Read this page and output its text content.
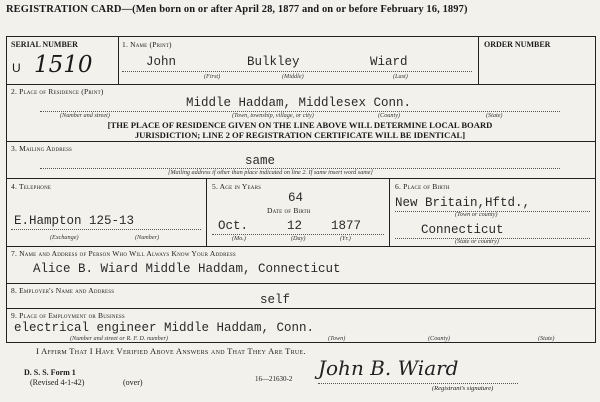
REGISTRATION CARD—(Men born on or after April 28, 1877 and on or before February 16, 1897)
SERIAL NUMBER
U 1510
1. Name (Print)	ORDER NUMBER
John	Bulkley	Wiard
(First)	(Middle)	(Last)
2. Place of Residence (Print)
Middle Haddam, Middlesex Conn.
(Number and street)	(Town, township, village, or city)	(County)	(State)
[THE PLACE OF RESIDENCE GIVEN ON THE LINE ABOVE WILL DETERMINE LOCAL BOARD
JURISDICTION; LINE 2 OF REGISTRATION CERTIFICATE WILL BE IDENTICAL]
3. Mailing Address
same
[Mailing address if other than place indicated on line 2. If same insert word same]
4. Telephone
E.Hampton 125-13
(Exchange)	(Number)
5. Age in Years
64
Date of Birth
Oct.	12 1877
(Mo.)	(Day)	(Yr.)
6. Place of Birth
New Britain,Hftd.,
(Town or county)
Connecticut
(State or country)
7. Name and Address of Person Who Will Always Know Your Address
Alice B. Wiard Middle Haddam, Connecticut
8. Employer's Name and Address
self
9. Place of Employment or Business
electrical engineer Middle Haddam, Conn.
(Number and street or R. F. D. number)	(Town)	(County)	(State)
I Affirm That I Have Verified Above Answers and That They Are True.
D. S. S. Form 1
(Revised 4-1-42)	(over)	16—21630-2 John B. Wiard
(Registrant's signature)
